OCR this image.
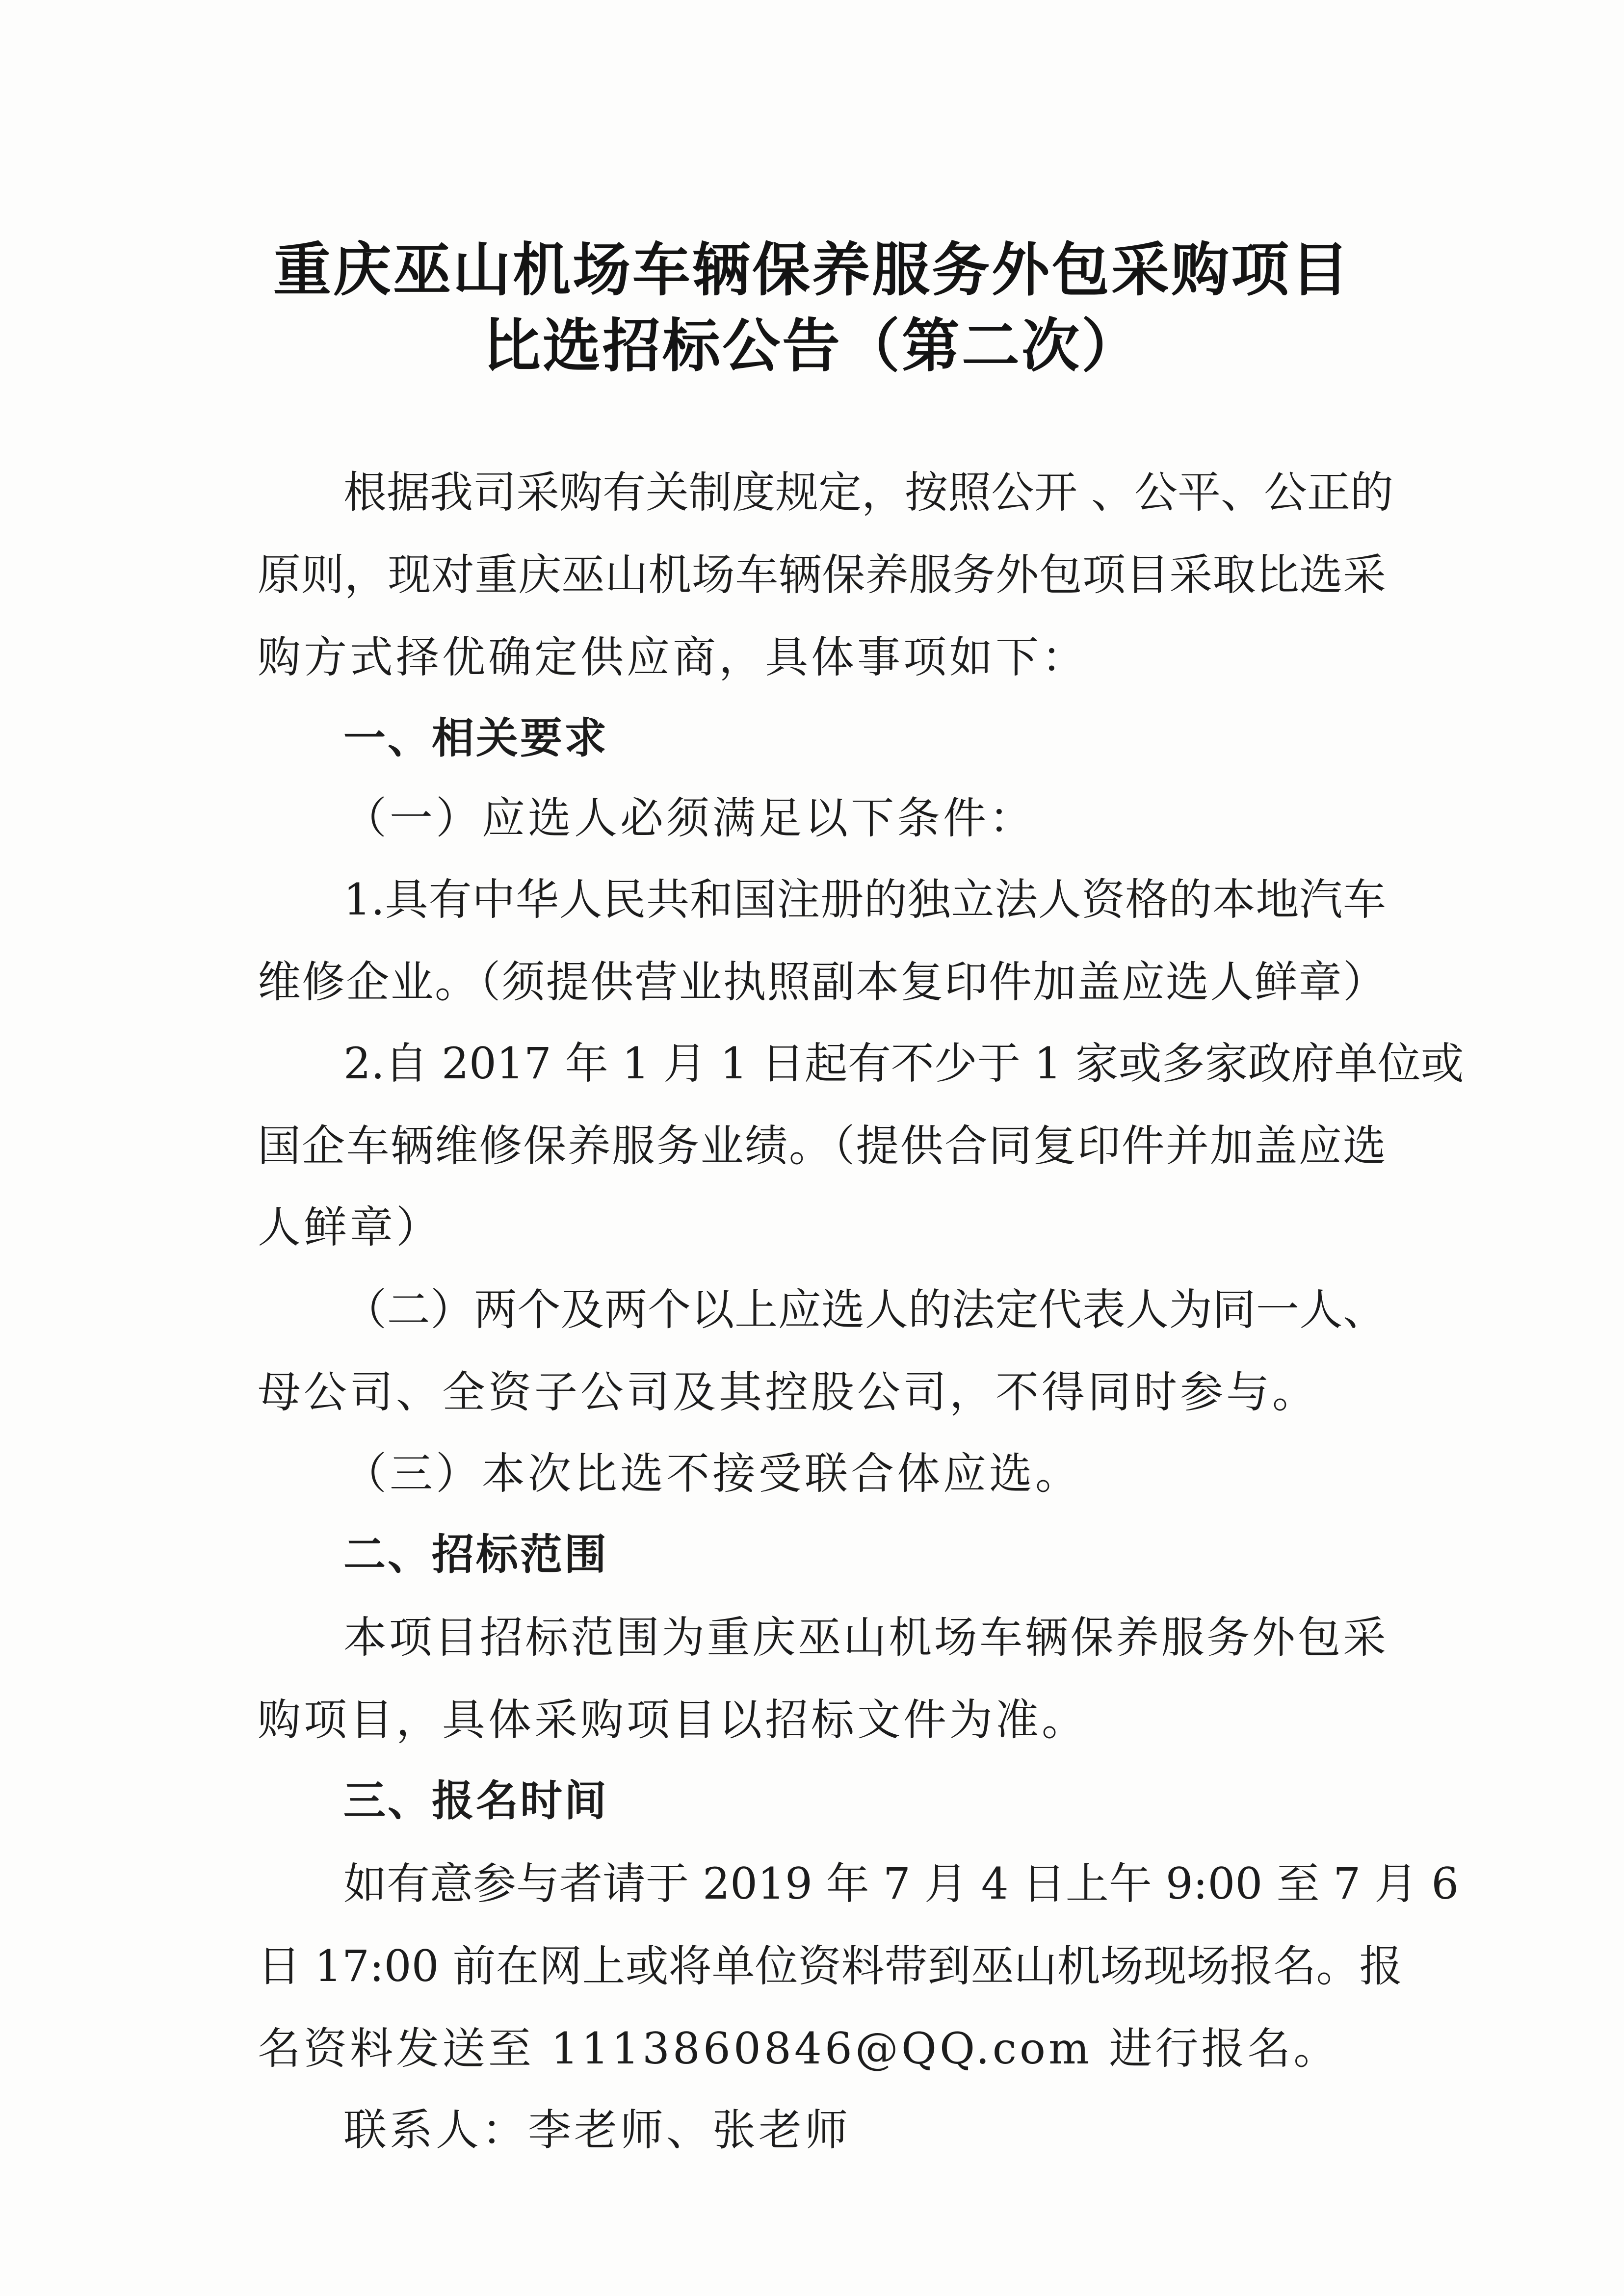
重庆巫山机场车辆保养服务外包采购项目
比选招标公告（第二次）
根据我司采购有关制度规定，按照公开 、公平、公正的
原则，现对重庆巫山机场车辆保养服务外包项目采取比选采
购方式择优确定供应商，具体事项如下：
一、相关要求
（一）应选人必须满足以下条件：
1.具有中华人民共和国注册的独立法人资格的本地汽车
维修企业。（须提供营业执照副本复印件加盖应选人鲜章）
2.自 2017 年 1 月 1 日起有不少于 1 家或多家政府单位或
国企车辆维修保养服务业绩。（提供合同复印件并加盖应选
人鲜章）
（二）两个及两个以上应选人的法定代表人为同一人、
母公司、全资子公司及其控股公司，不得同时参与。
（三）本次比选不接受联合体应选。
二、招标范围
本项目招标范围为重庆巫山机场车辆保养服务外包采
购项目，具体采购项目以招标文件为准。
三、报名时间
如有意参与者请于 2019 年 7 月 4 日上午 9:00 至 7 月 6
日 17:00 前在网上或将单位资料带到巫山机场现场报名。报
名资料发送至 1113860846@QQ.com 进行报名。
联系人：李老师、张老师
